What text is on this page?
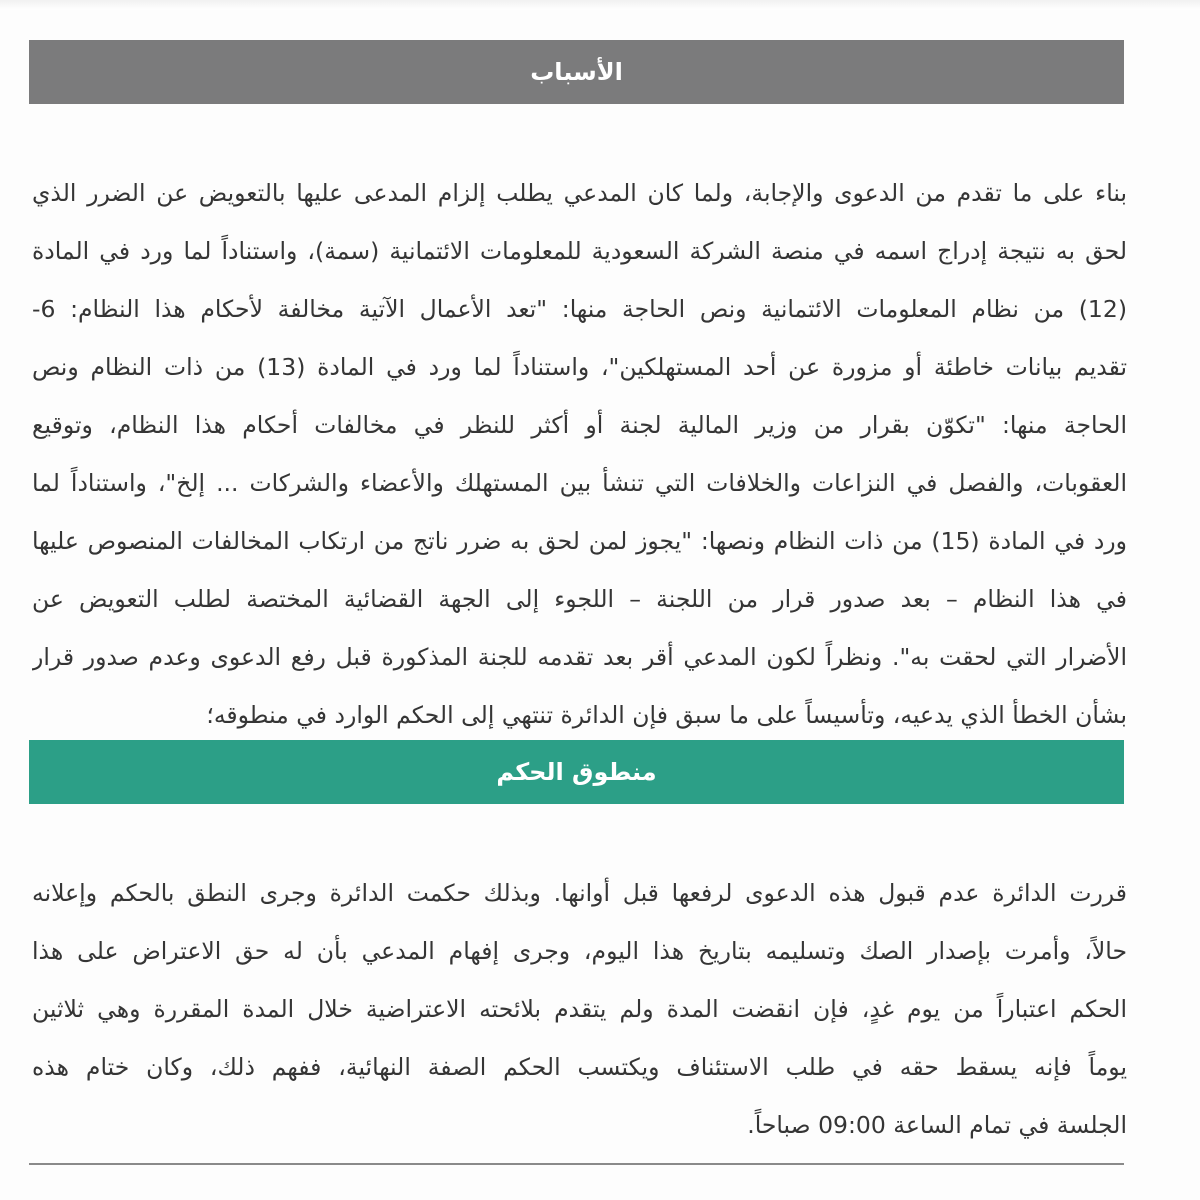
الأسباب
بناء على ما تقدم من الدعوى والإجابة، ولما كان المدعي يطلب إلزام المدعى عليها بالتعويض عن الضرر الذي
لحق به نتيجة إدراج اسمه في منصة الشركة السعودية للمعلومات الائتمانية (سمة)، واستناداً لما ورد في المادة
(12) من نظام المعلومات الائتمانية ونص الحاجة منها: "تعد الأعمال الآتية مخالفة لأحكام هذا النظام: 6-
تقديم بيانات خاطئة أو مزورة عن أحد المستهلكين"، واستناداً لما ورد في المادة (13) من ذات النظام ونص
الحاجة منها: "تكوّن بقرار من وزير المالية لجنة أو أكثر للنظر في مخالفات أحكام هذا النظام، وتوقيع
العقوبات، والفصل في النزاعات والخلافات التي تنشأ بين المستهلك والأعضاء والشركات ... إلخ"، واستناداً لما
ورد في المادة (15) من ذات النظام ونصها: "يجوز لمن لحق به ضرر ناتج من ارتكاب المخالفات المنصوص عليها
في هذا النظام – بعد صدور قرار من اللجنة – اللجوء إلى الجهة القضائية المختصة لطلب التعويض عن
الأضرار التي لحقت به". ونظراً لكون المدعي أقر بعد تقدمه للجنة المذكورة قبل رفع الدعوى وعدم صدور قرار
بشأن الخطأ الذي يدعيه، وتأسيساً على ما سبق فإن الدائرة تنتهي إلى الحكم الوارد في منطوقه؛
منطوق الحكم
قررت الدائرة عدم قبول هذه الدعوى لرفعها قبل أوانها. وبذلك حكمت الدائرة وجرى النطق بالحكم وإعلانه
حالاً، وأمرت بإصدار الصك وتسليمه بتاريخ هذا اليوم، وجرى إفهام المدعي بأن له حق الاعتراض على هذا
الحكم اعتباراً من يوم غدٍ، فإن انقضت المدة ولم يتقدم بلائحته الاعتراضية خلال المدة المقررة وهي ثلاثين
يوماً فإنه يسقط حقه في طلب الاستئناف ويكتسب الحكم الصفة النهائية، ففهم ذلك، وكان ختام هذه
الجلسة في تمام الساعة 09:00 صباحاً.
